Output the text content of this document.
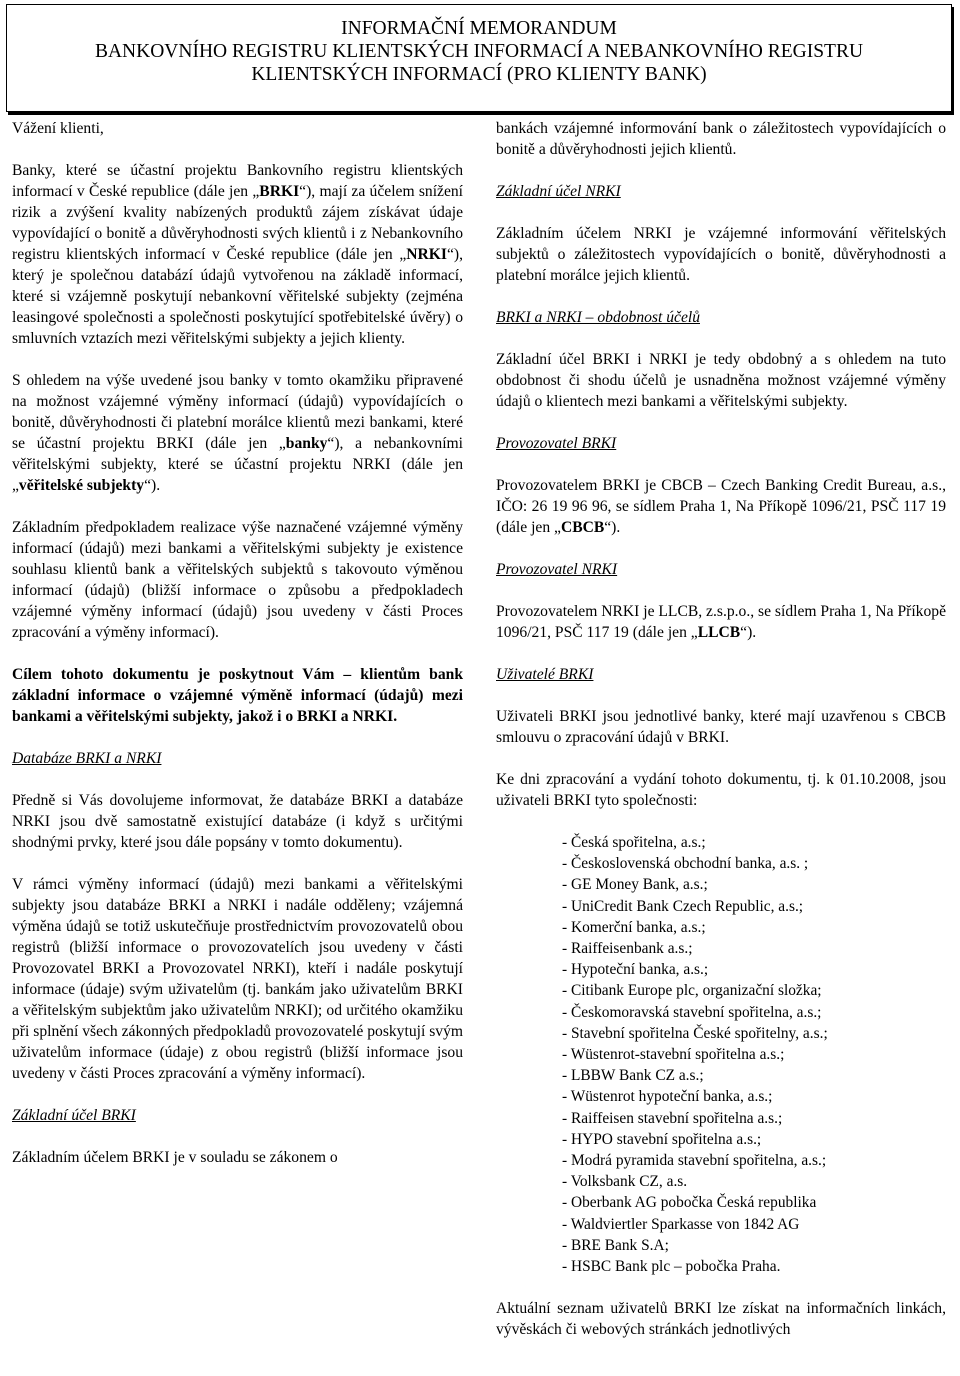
INFORMAČNÍ MEMORANDUM
BANKOVNÍHO REGISTRU KLIENTSKÝCH INFORMACÍ A NEBANKOVNÍHO REGISTRU
KLIENTSKÝCH INFORMACÍ (PRO KLIENTY BANK)

Vážení klienti,

Banky, které se účastní projektu Bankovního registru klientských informací v České republice (dále jen „BRKI“), mají za účelem snížení rizik a zvýšení kvality nabízených produktů zájem získávat údaje vypovídající o bonitě a důvěryhodnosti svých klientů i z Nebankovního registru klientských informací v České republice (dále jen „NRKI“), který je společnou databází údajů vytvořenou na základě informací, které si vzájemně poskytují nebankovní věřitelské subjekty (zejména leasingové společnosti a společnosti poskytující spotřebitelské úvěry) o smluvních vztazích mezi věřitelskými subjekty a jejich klienty.

S ohledem na výše uvedené jsou banky v tomto okamžiku připravené na možnost vzájemné výměny informací (údajů) vypovídajících o bonitě, důvěryhodnosti či platební morálce klientů mezi bankami, které se účastní projektu BRKI (dále jen „banky“), a nebankovními věřitelskými subjekty, které se účastní projektu NRKI (dále jen „věřitelské subjekty“).

Základním předpokladem realizace výše naznačené vzájemné výměny informací (údajů) mezi bankami a věřitelskými subjekty je existence souhlasu klientů bank a věřitelských subjektů s takovouto výměnou informací (údajů) (bližší informace o způsobu a předpokladech vzájemné výměny informací (údajů) jsou uvedeny v části Proces zpracování a výměny informací).

Cílem tohoto dokumentu je poskytnout Vám – klientům bank základní informace o vzájemné výměně informací (údajů) mezi bankami a věřitelskými subjekty, jakož i o BRKI a NRKI.

Databáze BRKI a NRKI

Předně si Vás dovolujeme informovat, že databáze BRKI a databáze NRKI jsou dvě samostatně existující databáze (i když s určitými shodnými prvky, které jsou dále popsány v tomto dokumentu).

V rámci výměny informací (údajů) mezi bankami a věřitelskými subjekty jsou databáze BRKI a NRKI i nadále odděleny; vzájemná výměna údajů se totiž uskutečňuje prostřednictvím provozovatelů obou registrů (bližší informace o provozovatelích jsou uvedeny v části Provozovatel BRKI a Provozovatel NRKI), kteří i nadále poskytují informace (údaje) svým uživatelům (tj. bankám jako uživatelům BRKI a věřitelským subjektům jako uživatelům NRKI); od určitého okamžiku při splnění všech zákonných předpokladů provozovatelé poskytují svým uživatelům informace (údaje) z obou registrů (bližší informace jsou uvedeny v části Proces zpracování a výměny informací).

Základní účel BRKI

Základním účelem BRKI je v souladu se zákonem o

bankách vzájemné informování bank o záležitostech vypovídajících o bonitě a důvěryhodnosti jejich klientů.

Základní účel NRKI

Základním účelem NRKI je vzájemné informování věřitelských subjektů o záležitostech vypovídajících o bonitě, důvěryhodnosti a platební morálce jejich klientů.

BRKI a NRKI – obdobnost účelů

Základní účel BRKI i NRKI je tedy obdobný a s ohledem na tuto obdobnost či shodu účelů je usnadněna možnost vzájemné výměny údajů o klientech mezi bankami a věřitelskými subjekty.

Provozovatel BRKI

Provozovatelem BRKI je CBCB – Czech Banking Credit Bureau, a.s., IČO: 26 19 96 96, se sídlem Praha 1, Na Příkopě 1096/21, PSČ 117 19 (dále jen „CBCB“).

Provozovatel NRKI

Provozovatelem NRKI je LLCB, z.s.p.o., se sídlem Praha 1, Na Příkopě 1096/21, PSČ 117 19 (dále jen „LLCB“).

Uživatelé BRKI

Uživateli BRKI jsou jednotlivé banky, které mají uzavřenou s CBCB smlouvu o zpracování údajů v BRKI.

Ke dni zpracování a vydání tohoto dokumentu, tj. k 01.10.2008, jsou uživateli BRKI tyto společnosti:

- Česká spořitelna, a.s.;
- Československá obchodní banka, a.s. ;
- GE Money Bank, a.s.;
- UniCredit Bank Czech Republic, a.s.;
- Komerční banka, a.s.;
- Raiffeisenbank a.s.;
- Hypoteční banka, a.s.;
- Citibank Europe plc, organizační složka;
- Českomoravská stavební spořitelna, a.s.;
- Stavební spořitelna České spořitelny, a.s.;
- Wüstenrot-stavební spořitelna a.s.;
- LBBW Bank CZ a.s.;
- Wüstenrot hypoteční banka, a.s.;
- Raiffeisen stavební spořitelna a.s.;
- HYPO stavební spořitelna a.s.;
- Modrá pyramida stavební spořitelna, a.s.;
- Volksbank CZ, a.s.
- Oberbank AG pobočka Česká republika
- Waldviertler Sparkasse von 1842 AG
- BRE Bank S.A;
- HSBC Bank plc – pobočka Praha.

Aktuální seznam uživatelů BRKI lze získat na informačních linkách, vývěskách či webových stránkách jednotlivých
